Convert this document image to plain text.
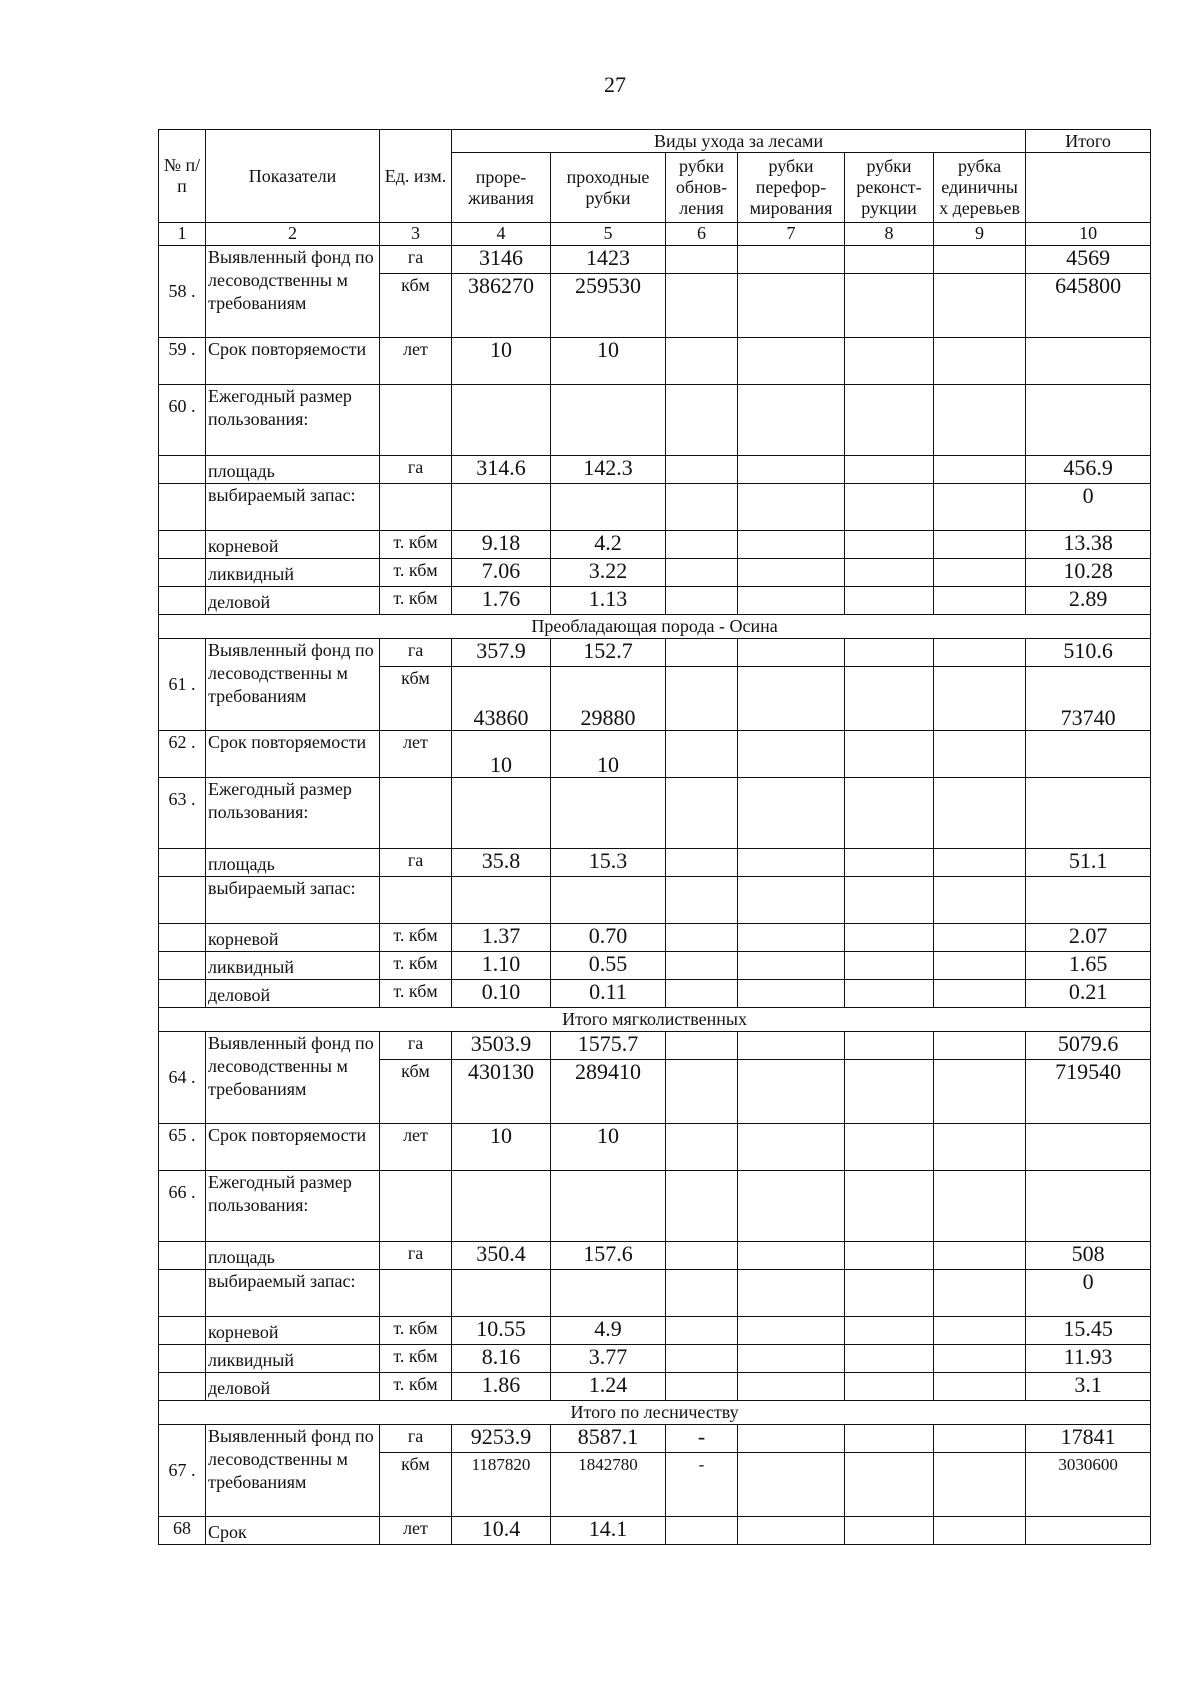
27
№ п/п	Показатели	Ед. изм.	Виды ухода за лесами						Итого
			проре-живания	проходные рубки	рубки обнов-ления	рубки перефор-мирования	рубки реконст-рукции	рубка единичны х деревьев	
1	2	3	4	5	6	7	8	9	10
58 .	Выявленный фонд по лесоводственны м требованиям	га	3146	1423					4569
		кбм	386270	259530					645800
59 .	Срок повторяемости	лет	10	10					
60 .	Ежегодный размер пользования:								
	площадь	га	314.6	142.3					456.9
	выбираемый запас:								0
	корневой	т. кбм	9.18	4.2					13.38
	ликвидный	т. кбм	7.06	3.22					10.28
	деловой	т. кбм	1.76	1.13					2.89
Преобладающая порода - Осина									
61 .	Выявленный фонд по лесоводственны м требованиям	га	357.9	152.7					510.6
		кбм	43860	29880					73740
62 .	Срок повторяемости	лет	10	10					
63 .	Ежегодный размер пользования:								
	площадь	га	35.8	15.3					51.1
	выбираемый запас:								
	корневой	т. кбм	1.37	0.70					2.07
	ликвидный	т. кбм	1.10	0.55					1.65
	деловой	т. кбм	0.10	0.11					0.21
Итого мягколиственных									
64 .	Выявленный фонд по лесоводственны м требованиям	га	3503.9	1575.7					5079.6
		кбм	430130	289410					719540
65 .	Срок повторяемости	лет	10	10					
66 .	Ежегодный размер пользования:								
	площадь	га	350.4	157.6					508
	выбираемый запас:								0
	корневой	т. кбм	10.55	4.9					15.45
	ликвидный	т. кбм	8.16	3.77					11.93
	деловой	т. кбм	1.86	1.24					3.1
Итого по лесничеству									
67 .	Выявленный фонд по лесоводственны м требованиям	га	9253.9	8587.1	-				17841
		кбм	1187820	1842780	-				3030600
68	Срок	лет	10.4	14.1					
